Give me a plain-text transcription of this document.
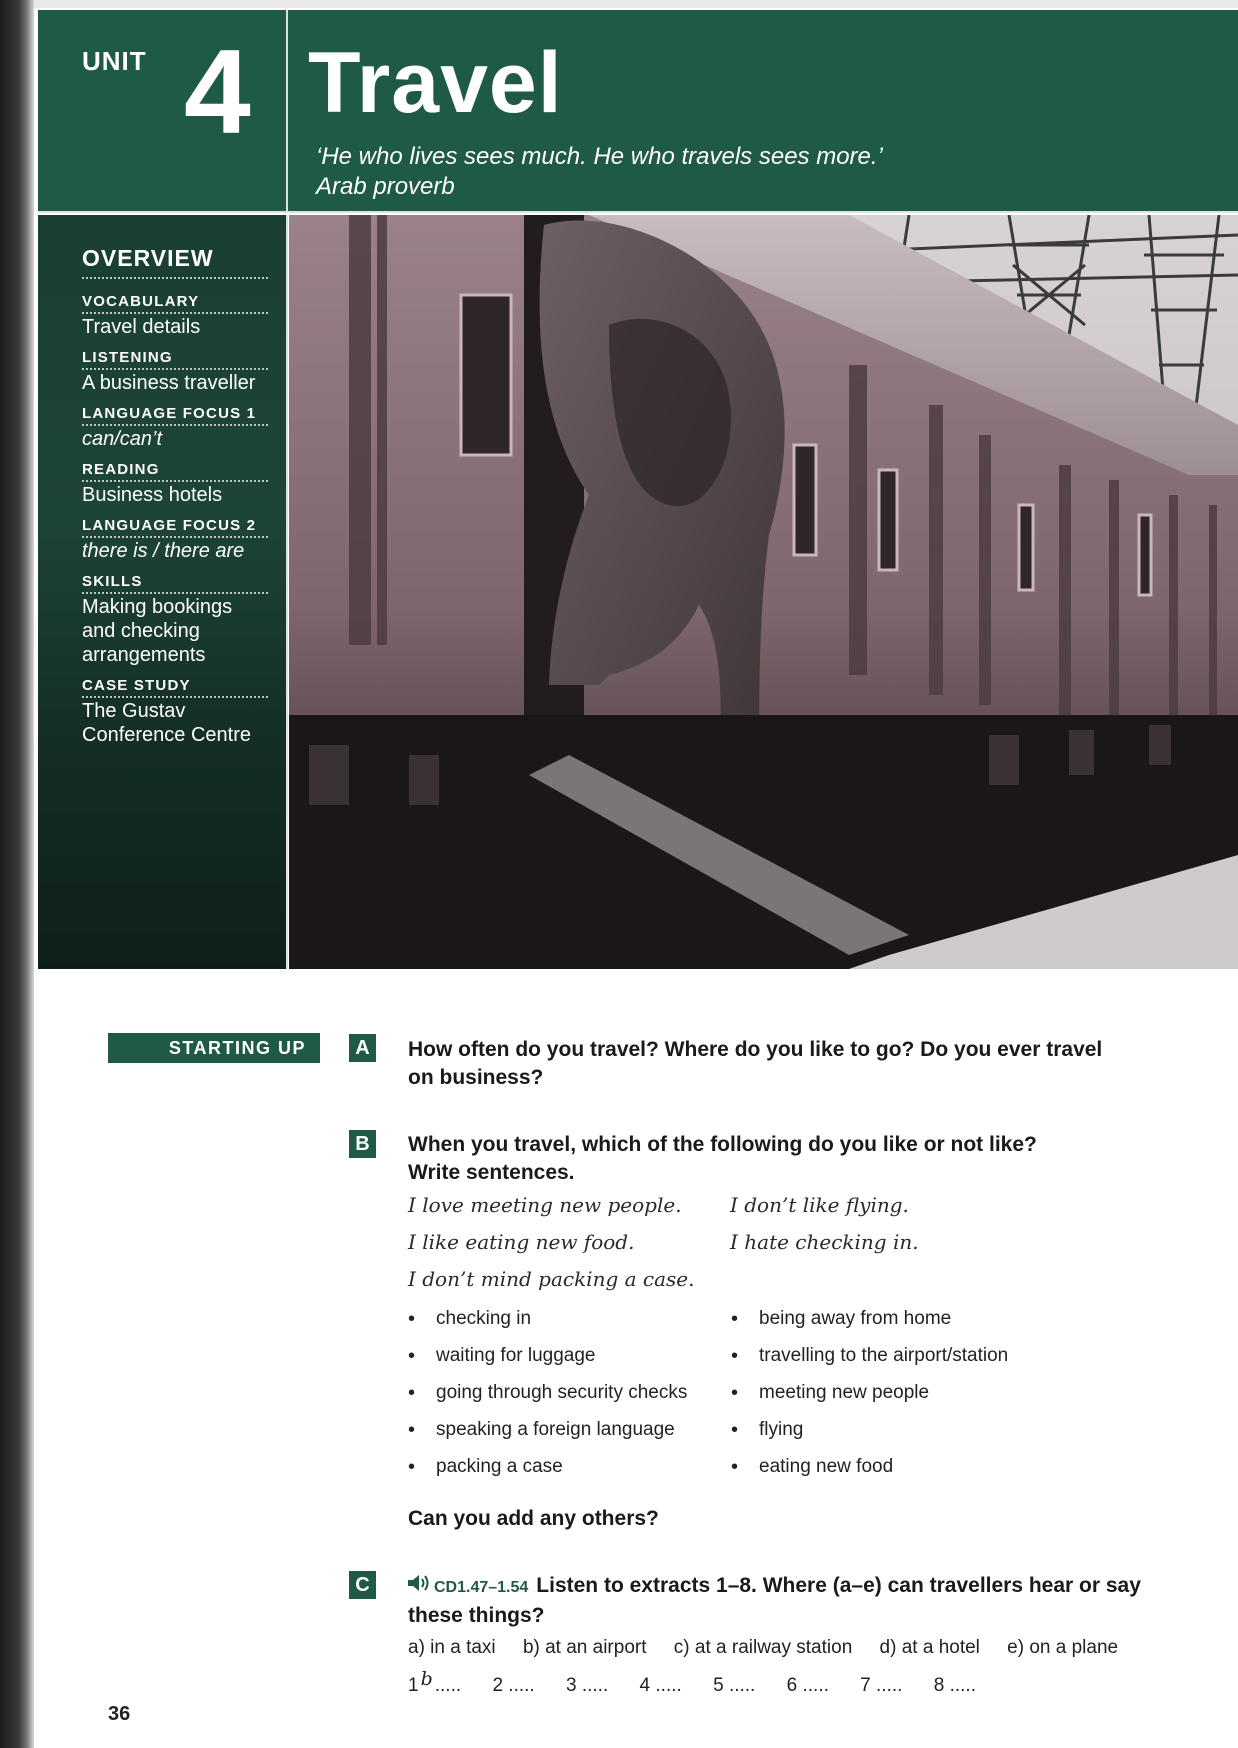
UNIT 4 Travel
‘He who lives sees much. He who travels sees more.’
Arab proverb
OVERVIEW
VOCABULARY
Travel details
LISTENING
A business traveller
LANGUAGE FOCUS 1
can/can’t
READING
Business hotels
LANGUAGE FOCUS 2
there is / there are
SKILLS
Making bookings and checking arrangements
CASE STUDY
The Gustav Conference Centre
STARTING UP	A How often do you travel? Where do you like to go? Do you ever travel on business?
B When you travel, which of the following do you like or not like? Write sentences.
I love meeting new people.
I like eating new food.
I don’t mind packing a case.
I don’t like flying.
I hate checking in.
• checking in
• waiting for luggage
• going through security checks
• speaking a foreign language
• packing a case
• being away from home
• travelling to the airport/station
• meeting new people
• flying
• eating new food
Can you add any others?
C	CD1.47–1.54 Listen to extracts 1–8. Where (a–e) can travellers hear or say these things?
a) in a taxi b) at an airport c) at a railway station d) at a hotel e) on a plane
1 b ..... 2 ..... 3 ..... 4 ..... 5 ..... 6 ..... 7 ..... 8 .....
36
